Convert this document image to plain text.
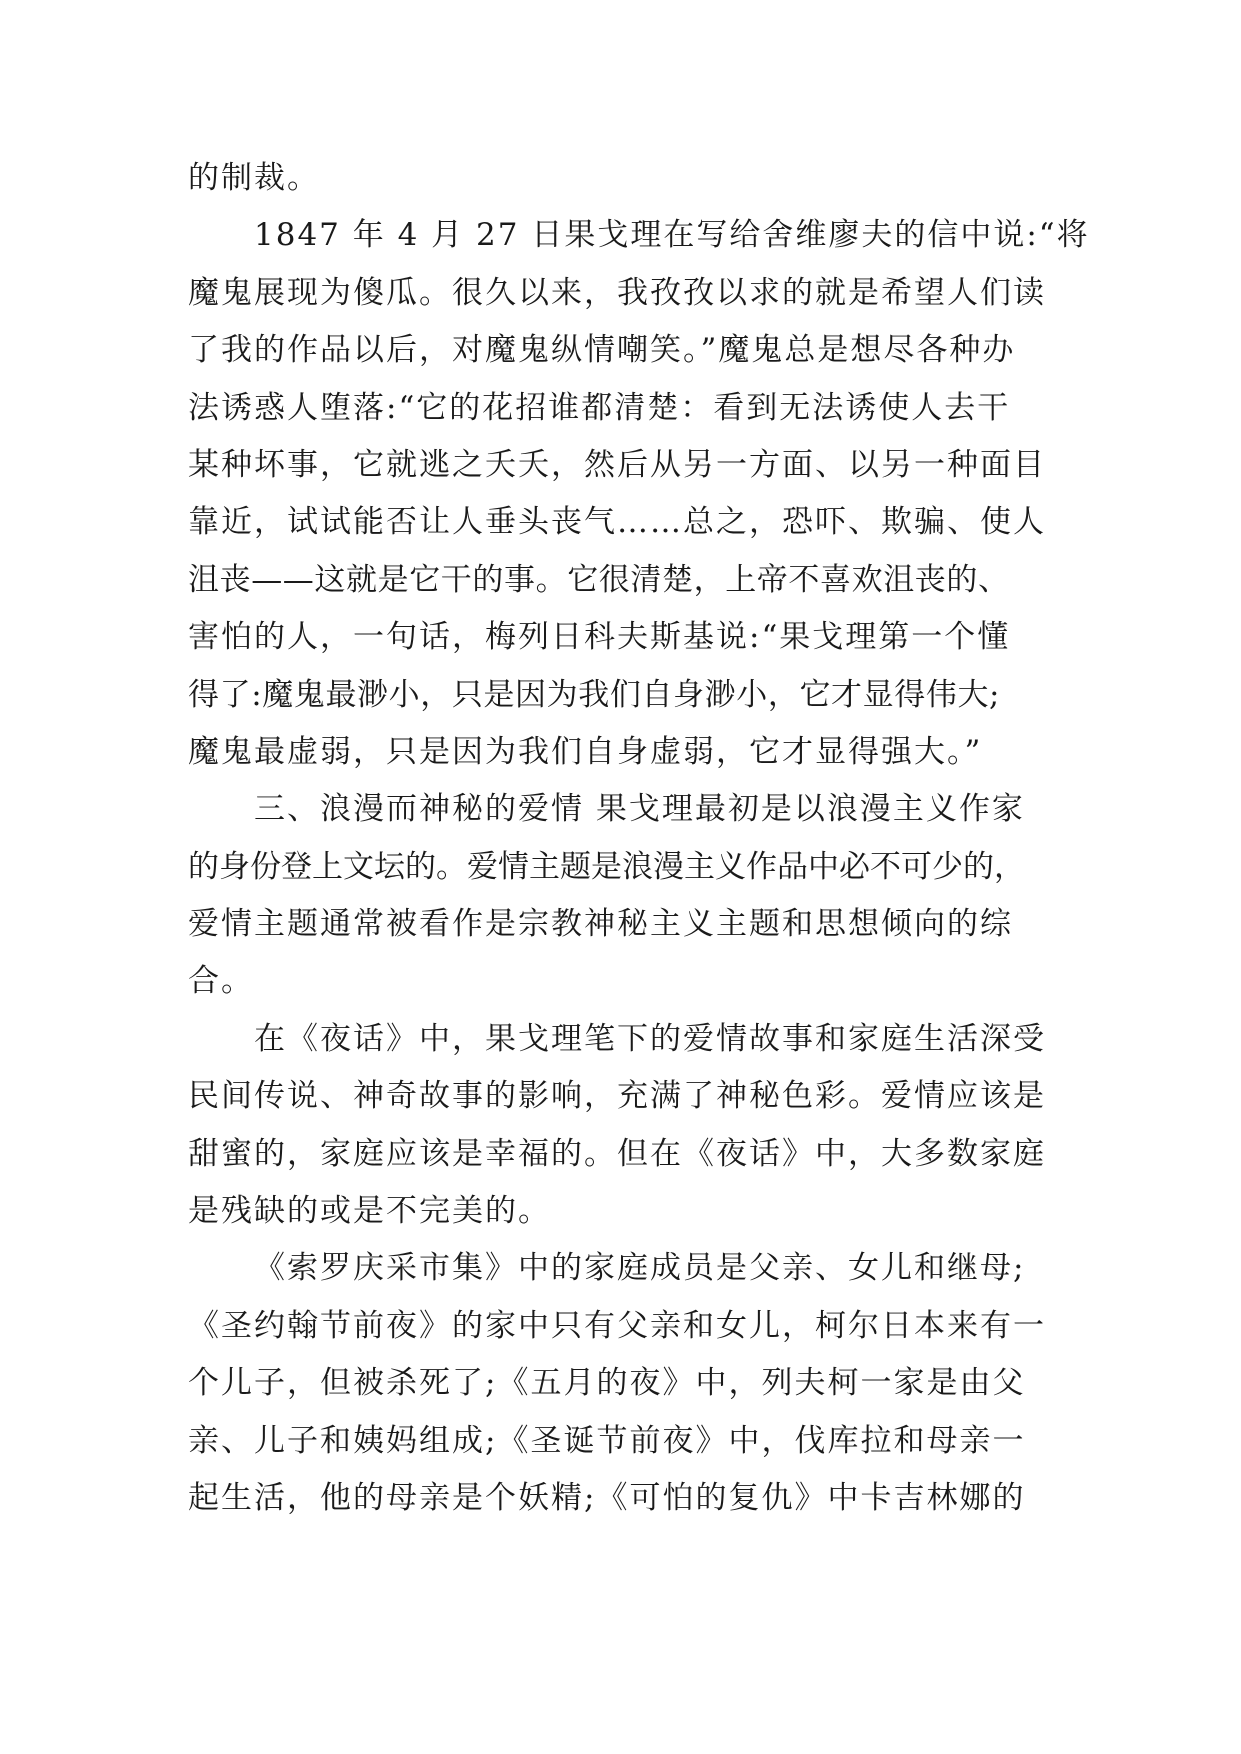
的制裁。
1847 年 4 月 27 日果戈理在写给舍维廖夫的信中说:“将
魔鬼展现为傻瓜。很久以来，我孜孜以求的就是希望人们读
了我的作品以后，对魔鬼纵情嘲笑。”魔鬼总是想尽各种办
法诱惑人堕落:“它的花招谁都清楚：看到无法诱使人去干
某种坏事，它就逃之夭夭，然后从另一方面、以另一种面目
靠近，试试能否让人垂头丧气……总之，恐吓、欺骗、使人
沮丧——这就是它干的事。它很清楚，上帝不喜欢沮丧的、
害怕的人，一句话，梅列日科夫斯基说:“果戈理第一个懂
得了:魔鬼最渺小，只是因为我们自身渺小，它才显得伟大;
魔鬼最虚弱，只是因为我们自身虚弱，它才显得强大。”
三、浪漫而神秘的爱情 果戈理最初是以浪漫主义作家
的身份登上文坛的。爱情主题是浪漫主义作品中必不可少的，
爱情主题通常被看作是宗教神秘主义主题和思想倾向的综
合。
在《夜话》中，果戈理笔下的爱情故事和家庭生活深受
民间传说、神奇故事的影响，充满了神秘色彩。爱情应该是
甜蜜的，家庭应该是幸福的。但在《夜话》中，大多数家庭
是残缺的或是不完美的。
《索罗庆采市集》中的家庭成员是父亲、女儿和继母;
《圣约翰节前夜》的家中只有父亲和女儿，柯尔日本来有一
个儿子，但被杀死了;《五月的夜》中，列夫柯一家是由父
亲、儿子和姨妈组成;《圣诞节前夜》中，伐库拉和母亲一
起生活，他的母亲是个妖精;《可怕的复仇》中卡吉林娜的
